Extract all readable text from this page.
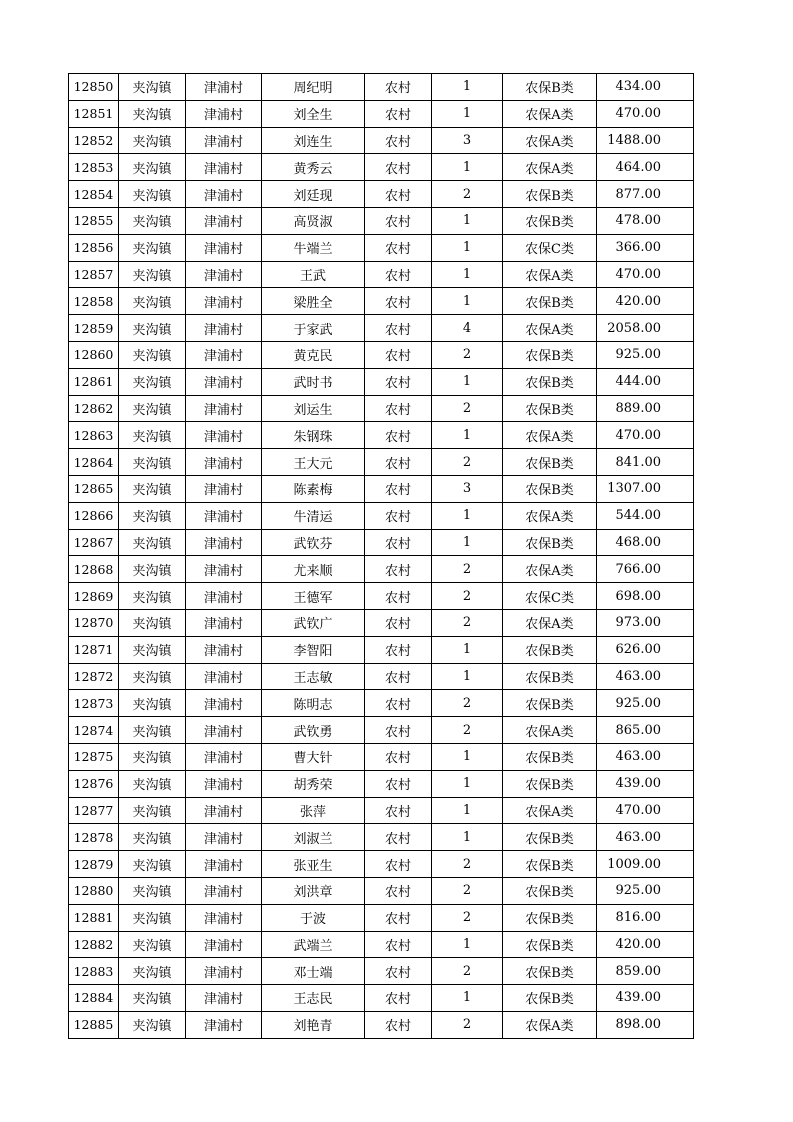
12850	夹沟镇	津浦村	周纪明	农村	1	农保B类	434.00
12851	夹沟镇	津浦村	刘全生	农村	1	农保A类	470.00
12852	夹沟镇	津浦村	刘连生	农村	3	农保A类	1488.00
12853	夹沟镇	津浦村	黄秀云	农村	1	农保A类	464.00
12854	夹沟镇	津浦村	刘廷现	农村	2	农保B类	877.00
12855	夹沟镇	津浦村	高贤淑	农村	1	农保B类	478.00
12856	夹沟镇	津浦村	牛端兰	农村	1	农保C类	366.00
12857	夹沟镇	津浦村	王武	农村	1	农保A类	470.00
12858	夹沟镇	津浦村	梁胜全	农村	1	农保B类	420.00
12859	夹沟镇	津浦村	于家武	农村	4	农保A类	2058.00
12860	夹沟镇	津浦村	黄克民	农村	2	农保B类	925.00
12861	夹沟镇	津浦村	武时书	农村	1	农保B类	444.00
12862	夹沟镇	津浦村	刘运生	农村	2	农保B类	889.00
12863	夹沟镇	津浦村	朱钢珠	农村	1	农保A类	470.00
12864	夹沟镇	津浦村	王大元	农村	2	农保B类	841.00
12865	夹沟镇	津浦村	陈素梅	农村	3	农保B类	1307.00
12866	夹沟镇	津浦村	牛清运	农村	1	农保A类	544.00
12867	夹沟镇	津浦村	武钦芬	农村	1	农保B类	468.00
12868	夹沟镇	津浦村	尤来顺	农村	2	农保A类	766.00
12869	夹沟镇	津浦村	王德军	农村	2	农保C类	698.00
12870	夹沟镇	津浦村	武钦广	农村	2	农保A类	973.00
12871	夹沟镇	津浦村	李智阳	农村	1	农保B类	626.00
12872	夹沟镇	津浦村	王志敏	农村	1	农保B类	463.00
12873	夹沟镇	津浦村	陈明志	农村	2	农保B类	925.00
12874	夹沟镇	津浦村	武钦勇	农村	2	农保A类	865.00
12875	夹沟镇	津浦村	曹大针	农村	1	农保B类	463.00
12876	夹沟镇	津浦村	胡秀荣	农村	1	农保B类	439.00
12877	夹沟镇	津浦村	张萍	农村	1	农保A类	470.00
12878	夹沟镇	津浦村	刘淑兰	农村	1	农保B类	463.00
12879	夹沟镇	津浦村	张亚生	农村	2	农保B类	1009.00
12880	夹沟镇	津浦村	刘洪章	农村	2	农保B类	925.00
12881	夹沟镇	津浦村	于波	农村	2	农保B类	816.00
12882	夹沟镇	津浦村	武端兰	农村	1	农保B类	420.00
12883	夹沟镇	津浦村	邓士端	农村	2	农保B类	859.00
12884	夹沟镇	津浦村	王志民	农村	1	农保B类	439.00
12885	夹沟镇	津浦村	刘艳青	农村	2	农保A类	898.00
